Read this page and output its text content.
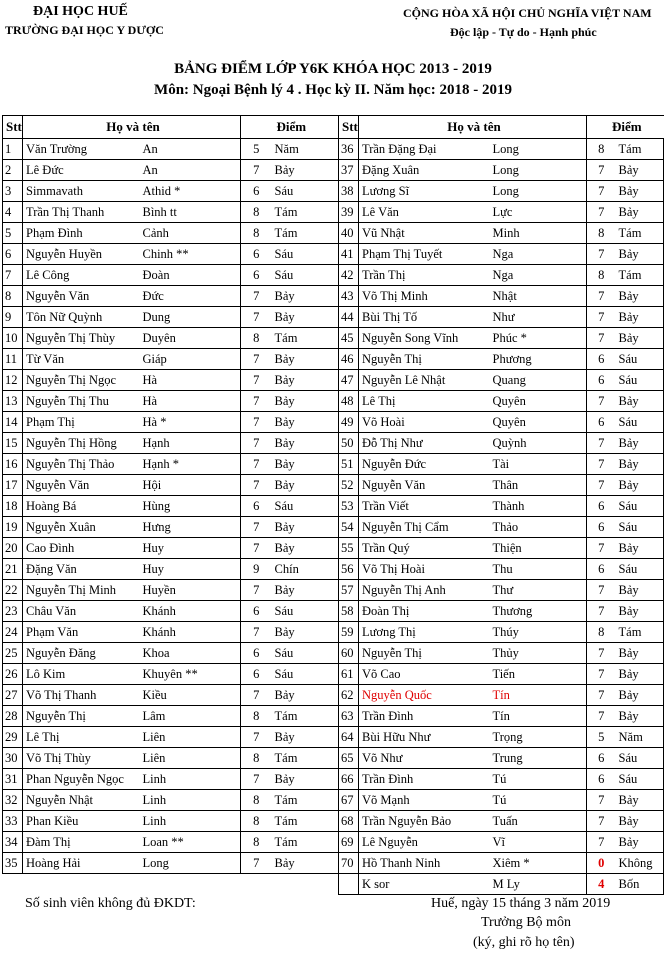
ĐẠI HỌC HUẾ
TRƯỜNG ĐẠI HỌC Y DƯỢC
CỘNG HÒA XÃ HỘI CHỦ NGHĨA VIỆT NAM
Độc lập - Tự do - Hạnh phúc
BẢNG ĐIỂM LỚP Y6K KHÓA HỌC 2013 - 2019
Môn: Ngoại Bệnh lý 4 . Học kỳ II. Năm học: 2018 - 2019
Stt	Họ và tên		Điểm	
1	Văn Trường	An	5	Năm
2	Lê Đức	An	7	Bảy
3	Simmavath	Athid *	6	Sáu
4	Trần Thị Thanh	Bình tt	8	Tám
5	Phạm Đình	Cảnh	8	Tám
6	Nguyễn Huyền	Chinh **	6	Sáu
7	Lê Công	Đoàn	6	Sáu
8	Nguyễn Văn	Đức	7	Bảy
9	Tôn Nữ Quỳnh	Dung	7	Bảy
10	Nguyễn Thị Thùy	Duyên	8	Tám
11	Từ Văn	Giáp	7	Bảy
12	Nguyễn Thị Ngọc	Hà	7	Bảy
13	Nguyễn Thị Thu	Hà	7	Bảy
14	Phạm Thị	Hà *	7	Bảy
15	Nguyễn Thị Hồng	Hạnh	7	Bảy
16	Nguyễn Thị Thảo	Hạnh *	7	Bảy
17	Nguyễn Văn	Hội	7	Bảy
18	Hoàng Bá	Hùng	6	Sáu
19	Nguyễn Xuân	Hưng	7	Bảy
20	Cao Đình	Huy	7	Bảy
21	Đặng Văn	Huy	9	Chín
22	Nguyễn Thị Minh	Huyền	7	Bảy
23	Châu Văn	Khánh	6	Sáu
24	Phạm Văn	Khánh	7	Bảy
25	Nguyễn Đăng	Khoa	6	Sáu
26	Lô Kim	Khuyên **	6	Sáu
27	Võ Thị Thanh	Kiều	7	Bảy
28	Nguyễn Thị	Lâm	8	Tám
29	Lê Thị	Liên	7	Bảy
30	Võ Thị Thùy	Liên	8	Tám
31	Phan Nguyễn Ngọc	Linh	7	Bảy
32	Nguyễn Nhật	Linh	8	Tám
33	Phan Kiều	Linh	8	Tám
34	Đàm Thị	Loan **	8	Tám
35	Hoàng Hải	Long	7	Bảy
Stt	Họ và tên		Điểm	
36	Trần Đặng Đại	Long	8	Tám
37	Đặng Xuân	Long	7	Bảy
38	Lương Sĩ	Long	7	Bảy
39	Lê Văn	Lực	7	Bảy
40	Vũ Nhật	Minh	8	Tám
41	Phạm Thị Tuyết	Nga	7	Bảy
42	Trần Thị	Nga	8	Tám
43	Võ Thị Minh	Nhật	7	Bảy
44	Bùi Thị Tố	Như	7	Bảy
45	Nguyễn Song Vĩnh	Phúc *	7	Bảy
46	Nguyễn Thị	Phương	6	Sáu
47	Nguyễn Lê Nhật	Quang	6	Sáu
48	Lê Thị	Quyên	7	Bảy
49	Võ Hoài	Quyên	6	Sáu
50	Đỗ Thị Như	Quỳnh	7	Bảy
51	Nguyễn Đức	Tài	7	Bảy
52	Nguyễn Văn	Thân	7	Bảy
53	Trần Viết	Thành	6	Sáu
54	Nguyễn Thị Cẩm	Thảo	6	Sáu
55	Trần Quý	Thiện	7	Bảy
56	Võ Thị Hoài	Thu	6	Sáu
57	Nguyễn Thị Anh	Thư	7	Bảy
58	Đoàn Thị	Thương	7	Bảy
59	Lương Thị	Thúy	8	Tám
60	Nguyễn Thị	Thủy	7	Bảy
61	Võ Cao	Tiến	7	Bảy
62	Nguyễn Quốc	Tín	7	Bảy
63	Trần Đình	Tín	7	Bảy
64	Bùi Hữu Như	Trọng	5	Năm
65	Võ Như	Trung	6	Sáu
66	Trần Đình	Tú	6	Sáu
67	Võ Mạnh	Tú	7	Bảy
68	Trần Nguyễn Bảo	Tuấn	7	Bảy
69	Lê Nguyễn	Vĩ	7	Bảy
70	Hồ Thanh Ninh	Xiêm *	0	Không
	K sor	M Ly	4	Bốn
Số sinh viên không đủ ĐKDT:	Huế, ngày 15 tháng 3 năm 2019
Trưởng Bộ môn
(ký, ghi rõ họ tên)
